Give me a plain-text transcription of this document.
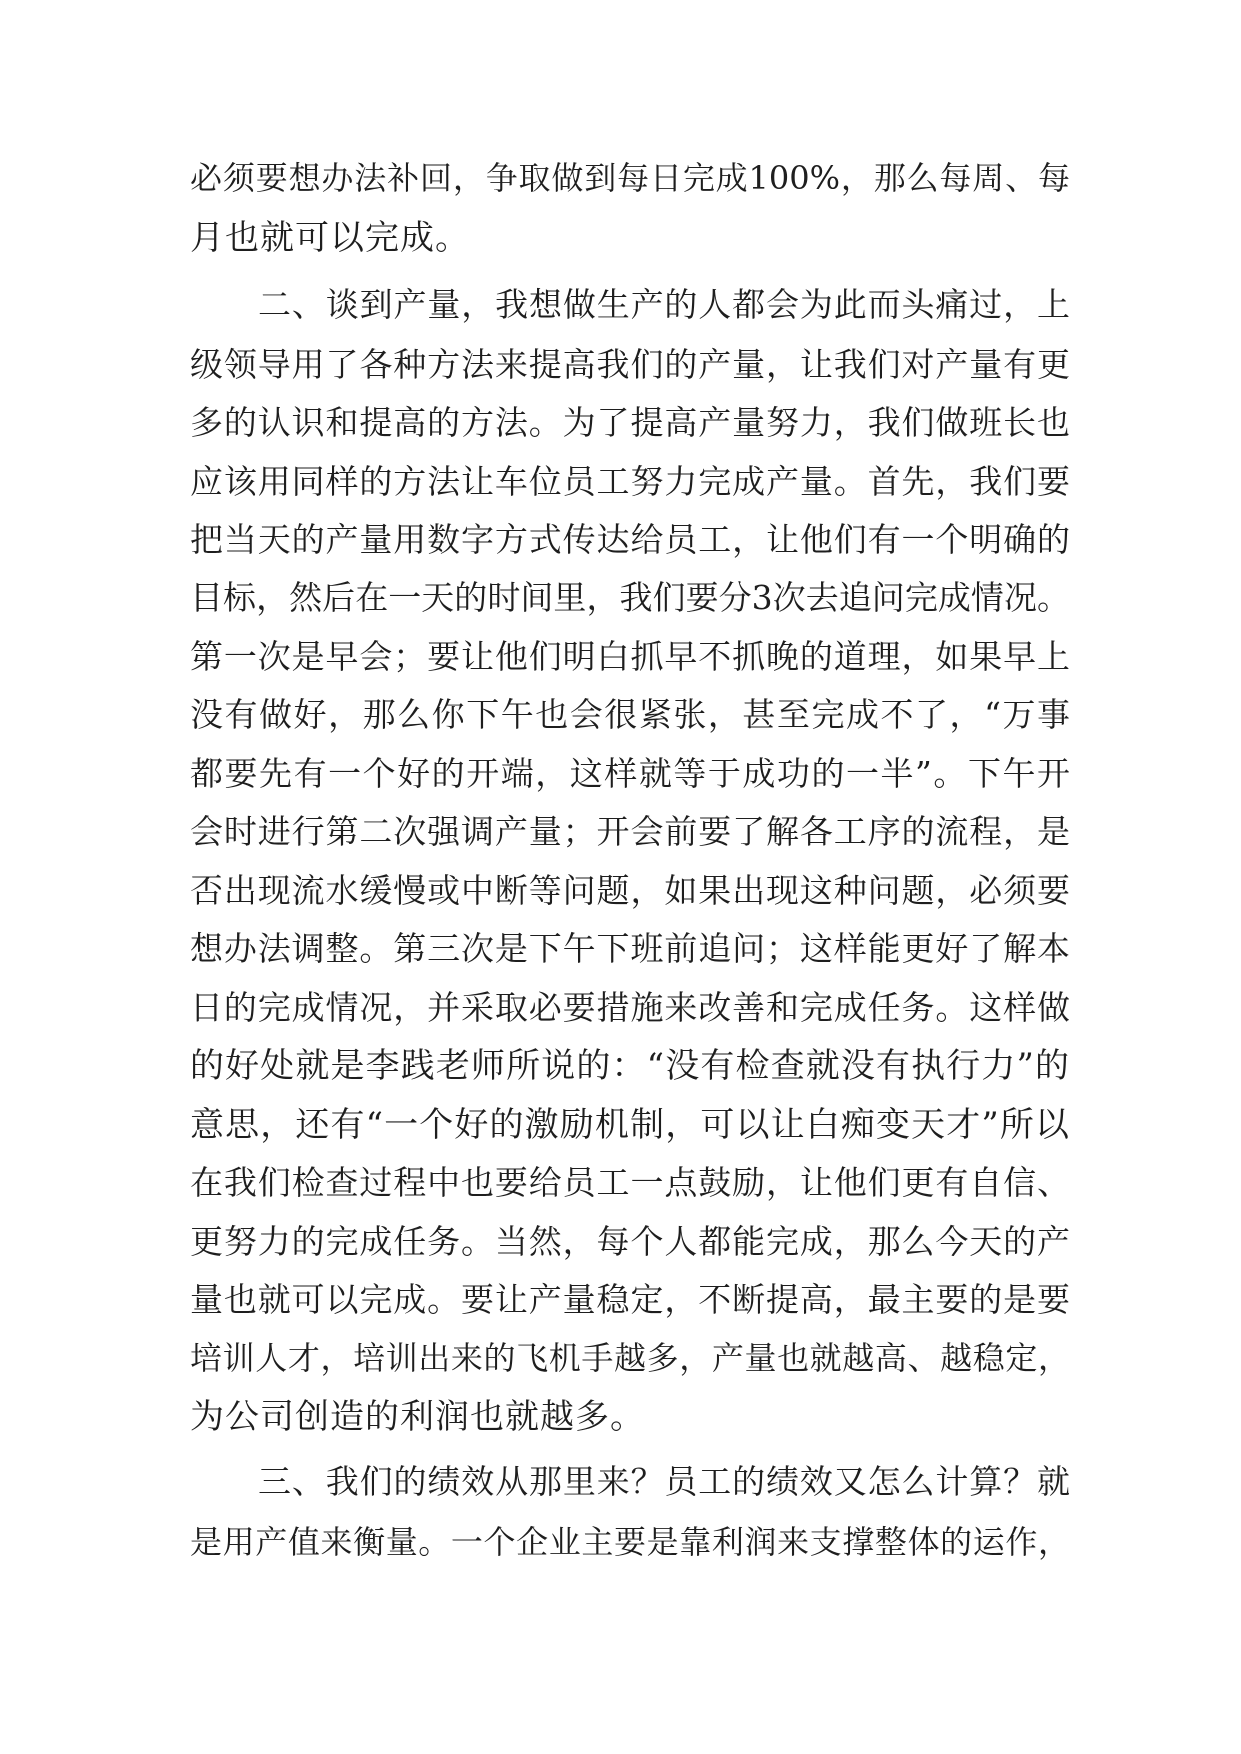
必须要想办法补回，争取做到每日完成100%，那么每周、每
月也就可以完成。
二、谈到产量，我想做生产的人都会为此而头痛过，上
级领导用了各种方法来提高我们的产量，让我们对产量有更
多的认识和提高的方法。为了提高产量努力，我们做班长也
应该用同样的方法让车位员工努力完成产量。首先，我们要
把当天的产量用数字方式传达给员工，让他们有一个明确的
目标，然后在一天的时间里，我们要分3次去追问完成情况。
第一次是早会；要让他们明白抓早不抓晚的道理，如果早上
没有做好，那么你下午也会很紧张，甚至完成不了，“万事
都要先有一个好的开端，这样就等于成功的一半”。下午开
会时进行第二次强调产量；开会前要了解各工序的流程，是
否出现流水缓慢或中断等问题，如果出现这种问题，必须要
想办法调整。第三次是下午下班前追问；这样能更好了解本
日的完成情况，并采取必要措施来改善和完成任务。这样做
的好处就是李践老师所说的：“没有检查就没有执行力”的
意思，还有“一个好的激励机制，可以让白痴变天才”所以
在我们检查过程中也要给员工一点鼓励，让他们更有自信、
更努力的完成任务。当然，每个人都能完成，那么今天的产
量也就可以完成。要让产量稳定，不断提高，最主要的是要
培训人才，培训出来的飞机手越多，产量也就越高、越稳定，
为公司创造的利润也就越多。
三、我们的绩效从那里来？员工的绩效又怎么计算？就
是用产值来衡量。一个企业主要是靠利润来支撑整体的运作，
